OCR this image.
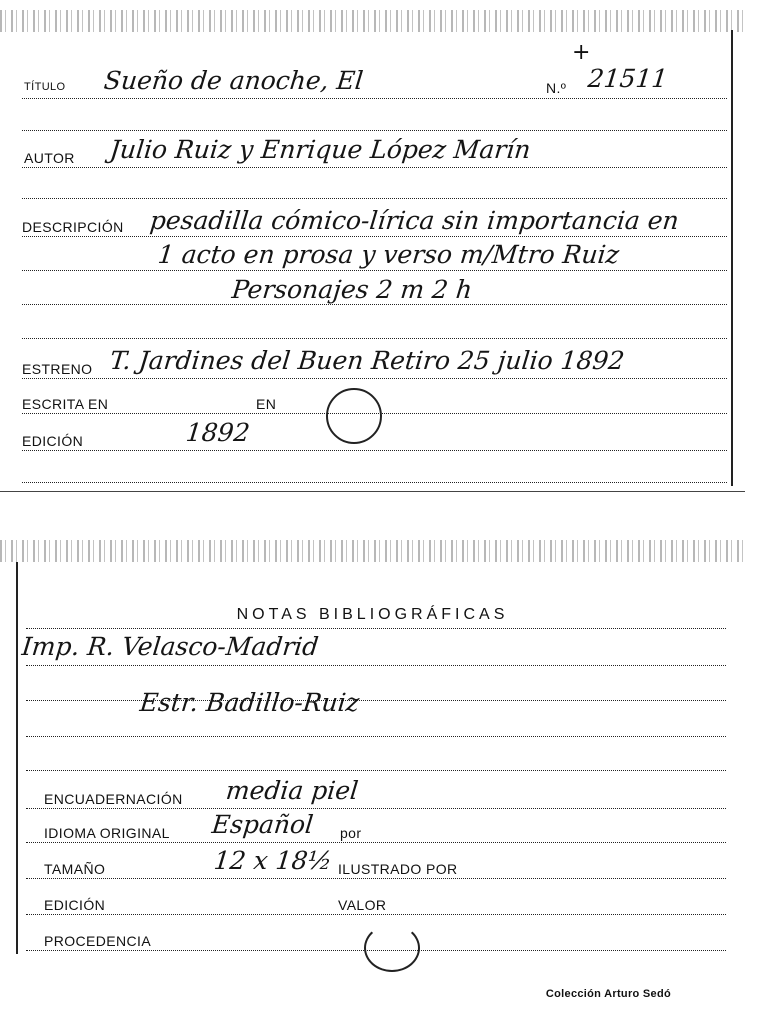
+
TÍTULO Sueño de anoche, El	N.º 21511
AUTOR Julio Ruiz y Enrique López Marín
DESCRIPCIÓN pesadilla cómico-lírica sin importancia en
1 acto en prosa y verso m/Mtro Ruiz
Personajes 2 m 2 h
ESTRENO T. Jardines del Buen Retiro 25 julio 1892
ESCRITA EN	EN
EDICIÓN	1892
NOTAS BIBLIOGRÁFICAS
Imp. R. Velasco-Madrid
Estr. Badillo-Ruiz
ENCUADERNACIÓN media piel
IDIOMA ORIGINAL Español por
TAMAÑO	12 x 18½ ILUSTRADO POR
EDICIÓN	VALOR
PROCEDENCIA
Colección Arturo Sedó
